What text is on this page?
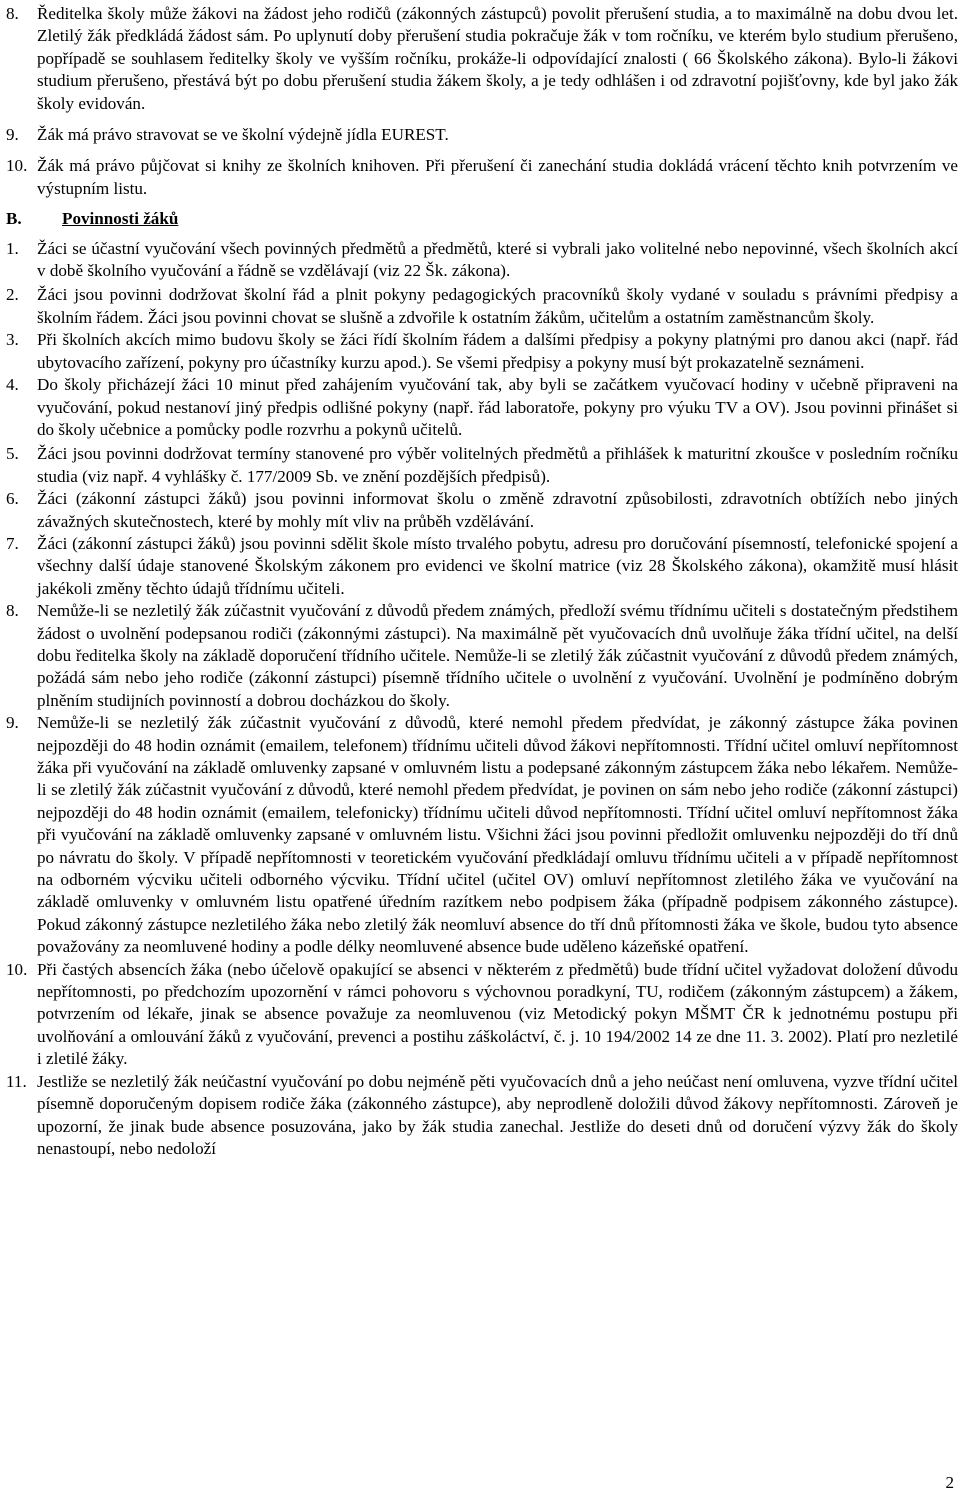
8.	Ředitelka školy může žákovi na žádost jeho rodičů (zákonných zástupců) povolit přerušení studia, a to maximálně na dobu dvou let. Zletilý žák předkládá žádost sám. Po uplynutí doby přerušení studia pokračuje žák v tom ročníku, ve kterém bylo studium přerušeno, popřípadě se souhlasem ředitelky školy ve vyšším ročníku, prokáže-li odpovídající znalosti ( 66 Školského zákona). Bylo-li žákovi studium přerušeno, přestává být po dobu přerušení studia žákem školy, a je tedy odhlášen i od zdravotní pojišťovny, kde byl jako žák školy evidován.
9.	Žák má právo stravovat se ve školní výdejně jídla EUREST.
10. Žák má právo půjčovat si knihy ze školních knihoven. Při přerušení či zanechání studia dokládá vrácení těchto knih potvrzením ve výstupním listu.
B.	Povinnosti žáků
1.	Žáci se účastní vyučování všech povinných předmětů a předmětů, které si vybrali jako volitelné nebo nepovinné, všech školních akcí v době školního vyučování a řádně se vzdělávají (viz 22 Šk. zákona).
2.	Žáci jsou povinni dodržovat školní řád a plnit pokyny pedagogických pracovníků školy vydané v souladu s právními předpisy a školním řádem. Žáci jsou povinni chovat se slušně a zdvořile k ostatním žákům, učitelům a ostatním zaměstnancům školy.
3.	Při školních akcích mimo budovu školy se žáci řídí školním řádem a dalšími předpisy a pokyny platnými pro danou akci (např. řád ubytovacího zařízení, pokyny pro účastníky kurzu apod.). Se všemi předpisy a pokyny musí být prokazatelně seznámeni.
4.	Do školy přicházejí žáci 10 minut před zahájením vyučování tak, aby byli se začátkem vyučovací hodiny v učebně připraveni na vyučování, pokud nestanoví jiný předpis odlišné pokyny (např. řád laboratoře, pokyny pro výuku TV a OV). Jsou povinni přinášet si do školy učebnice a pomůcky podle rozvrhu a pokynů učitelů.
5.	Žáci jsou povinni dodržovat termíny stanovené pro výběr volitelných předmětů a přihlášek k maturitní zkoušce v posledním ročníku studia (viz např. 4 vyhlášky č. 177/2009 Sb. ve znění pozdějších předpisů).
6.	Žáci (zákonní zástupci žáků) jsou povinni informovat školu o změně zdravotní způsobilosti, zdravotních obtížích nebo jiných závažných skutečnostech, které by mohly mít vliv na průběh vzdělávání.
7.	Žáci (zákonní zástupci žáků) jsou povinni sdělit škole místo trvalého pobytu, adresu pro doručování písemností, telefonické spojení a všechny další údaje stanovené Školským zákonem pro evidenci ve školní matrice (viz 28 Školského zákona), okamžitě musí hlásit jakékoli změny těchto údajů třídnímu učiteli.
8.	Nemůže-li se nezletilý žák zúčastnit vyučování z důvodů předem známých, předloží svému třídnímu učiteli s dostatečným předstihem žádost o uvolnění podepsanou rodiči (zákonnými zástupci). Na maximálně pět vyučovacích dnů uvolňuje žáka třídní učitel, na delší dobu ředitelka školy na základě doporučení třídního učitele. Nemůže-li se zletilý žák zúčastnit vyučování z důvodů předem známých, požádá sám nebo jeho rodiče (zákonní zástupci) písemně třídního učitele o uvolnění z vyučování. Uvolnění je podmíněno dobrým plněním studijních povinností a dobrou docházkou do školy.
9.	Nemůže-li se nezletilý žák zúčastnit vyučování z důvodů, které nemohl předem předvídat, je zákonný zástupce žáka povinen nejpozději do 48 hodin oznámit (emailem, telefonem) třídnímu učiteli důvod žákovi nepřítomnosti. Třídní učitel omluví nepřítomnost žáka při vyučování na základě omluvenky zapsané v omluvném listu a podepsané zákonným zástupcem žáka nebo lékařem. Nemůže-li se zletilý žák zúčastnit vyučování z důvodů, které nemohl předem předvídat, je povinen on sám nebo jeho rodiče (zákonní zástupci) nejpozději do 48 hodin oznámit (emailem, telefonicky) třídnímu učiteli důvod nepřítomnosti. Třídní učitel omluví nepřítomnost žáka při vyučování na základě omluvenky zapsané v omluvném listu. Všichni žáci jsou povinni předložit omluvenku nejpozději do tří dnů po návratu do školy. V případě nepřítomnosti v teoretickém vyučování předkládají omluvu třídnímu učiteli a v případě nepřítomnost na odborném výcviku učiteli odborného výcviku. Třídní učitel (učitel OV) omluví nepřítomnost zletilého žáka ve vyučování na základě omluvenky v omluvném listu opatřené úředním razítkem nebo podpisem žáka (případně podpisem zákonného zástupce). Pokud zákonný zástupce nezletilého žáka nebo zletilý žák neomluví absence do tří dnů přítomnosti žáka ve škole, budou tyto absence považovány za neomluvené hodiny a podle délky neomluvené absence bude uděleno kázeňské opatření.
10. Při častých absencích žáka (nebo účelově opakující se absenci v některém z předmětů) bude třídní učitel vyžadovat doložení důvodu nepřítomnosti, po předchozím upozornění v rámci pohovoru s výchovnou poradkyní, TU, rodičem (zákonným zástupcem) a žákem, potvrzením od lékaře, jinak se absence považuje za neomluvenou (viz Metodický pokyn MŠMT ČR k jednotnému postupu při uvolňování a omlouvání žáků z vyučování, prevenci a postihu záškoláctví, č. j. 10 194/2002 14 ze dne 11. 3. 2002). Platí pro nezletilé i zletilé žáky.
11. Jestliže se nezletilý žák neúčastní vyučování po dobu nejméně pěti vyučovacích dnů a jeho neúčast není omluvena, vyzve třídní učitel písemně doporučeným dopisem rodiče žáka (zákonného zástupce), aby neprodleně doložili důvod žákovy nepřítomnosti. Zároveň je upozorní, že jinak bude absence posuzována, jako by žák studia zanechal. Jestliže do deseti dnů od doručení výzvy žák do školy nenastoupí, nebo nedoloží
2
